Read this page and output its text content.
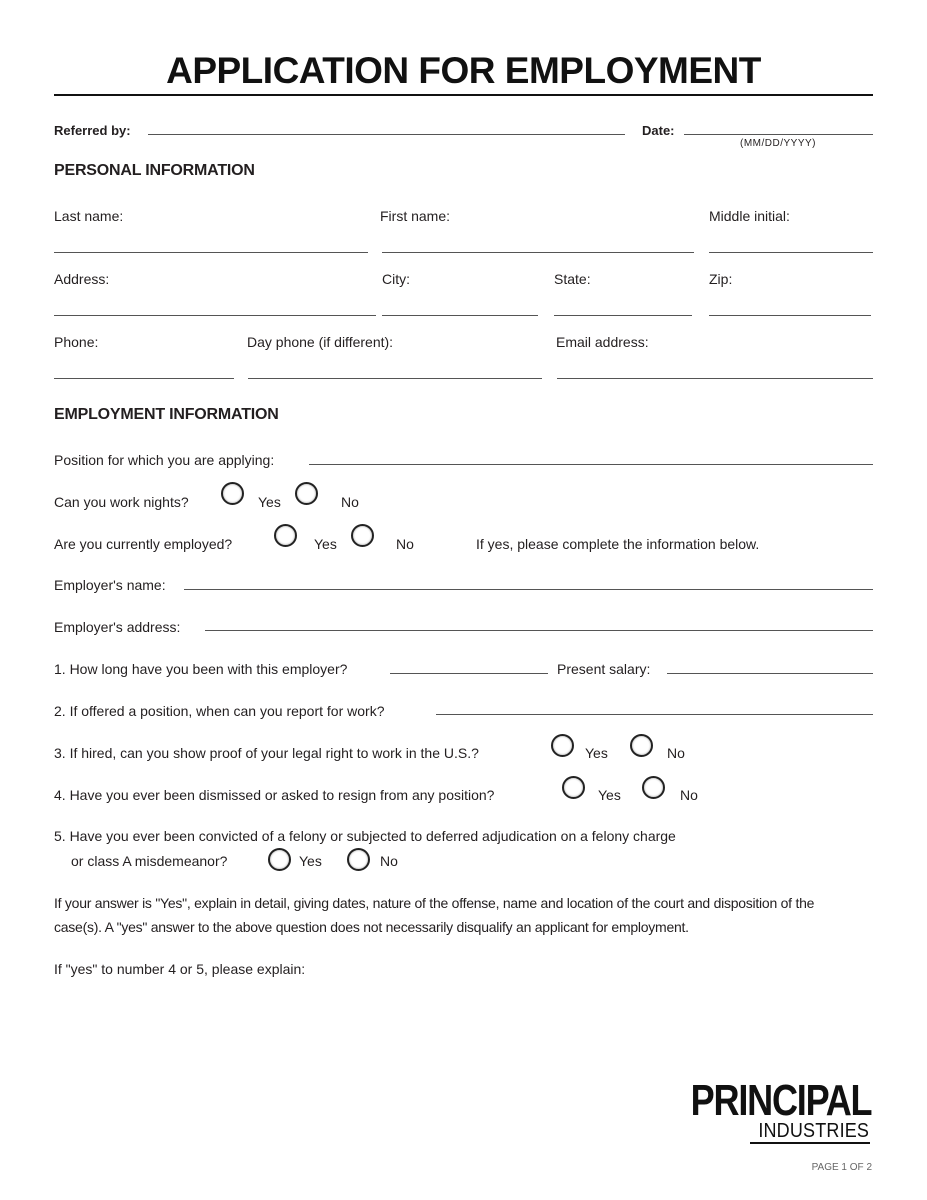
APPLICATION FOR EMPLOYMENT
Referred by:	Date:
(MM/DD/YYYY)
PERSONAL INFORMATION
Last name:	First name:	Middle initial:
Address:	City:	State:	Zip:
Phone:	Day phone (if different):	Email address:
EMPLOYMENT INFORMATION
Position for which you are applying:
Can you work nights?	Yes	No
Are you currently employed?	Yes	No	If yes, please complete the information below.
Employer's name:
Employer's address:
1. How long have you been with this employer?	Present salary:
2. If offered a position, when can you report for work?
3. If hired, can you show proof of your legal right to work in the U.S.?	Yes	No
4. Have you ever been dismissed or asked to resign from any position?	Yes	No
5. Have you ever been convicted of a felony or subjected to deferred adjudication on a felony charge
or class A misdemeanor?	Yes	No
If your answer is "Yes", explain in detail, giving dates, nature of the offense, name and location of the court and disposition of the
case(s). A "yes" answer to the above question does not necessarily disqualify an applicant for employment.
If "yes" to number 4 or 5, please explain:
PRINCIPAL
INDUSTRIES
PAGE 1 OF 2
